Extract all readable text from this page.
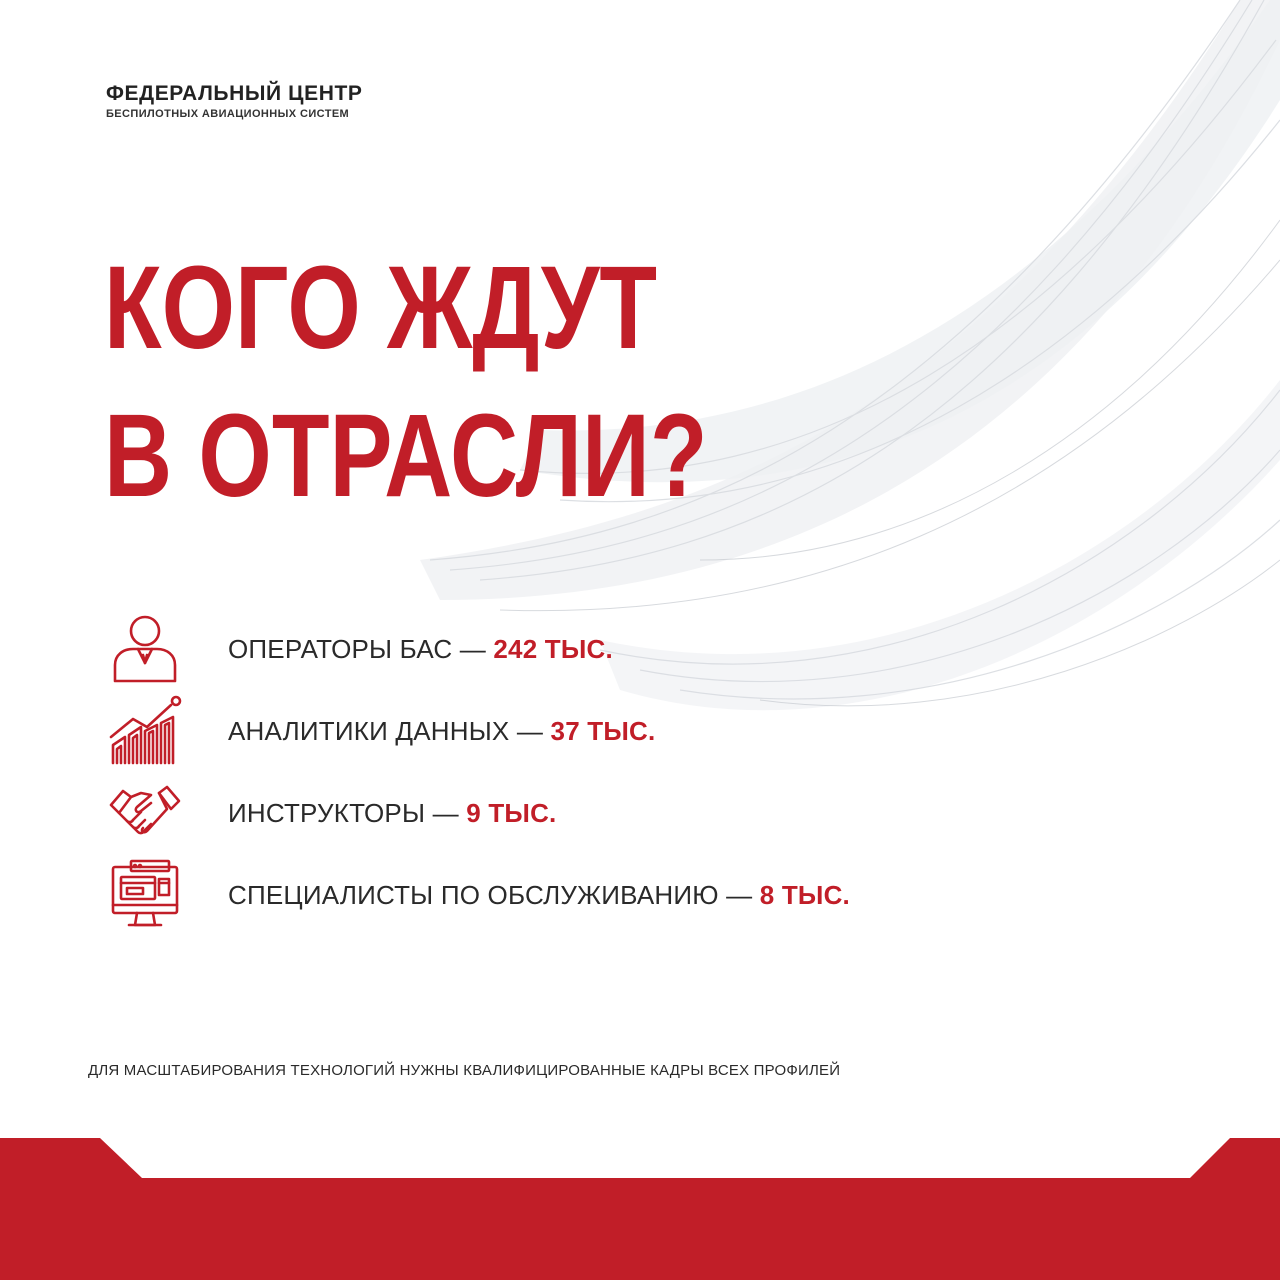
ФЕДЕРАЛЬНЫЙ ЦЕНТР
БЕСПИЛОТНЫХ АВИАЦИОННЫХ СИСТЕМ
КОГО ЖДУТ
В ОТРАСЛИ?
ОПЕРАТОРЫ БАС — 242 ТЫС.
АНАЛИТИКИ ДАННЫХ — 37 ТЫС.
ИНСТРУКТОРЫ — 9 ТЫС.
СПЕЦИАЛИСТЫ ПО ОБСЛУЖИВАНИЮ — 8 ТЫС.
ДЛЯ МАСШТАБИРОВАНИЯ ТЕХНОЛОГИЙ НУЖНЫ КВАЛИФИЦИРОВАННЫЕ КАДРЫ ВСЕХ ПРОФИЛЕЙ
